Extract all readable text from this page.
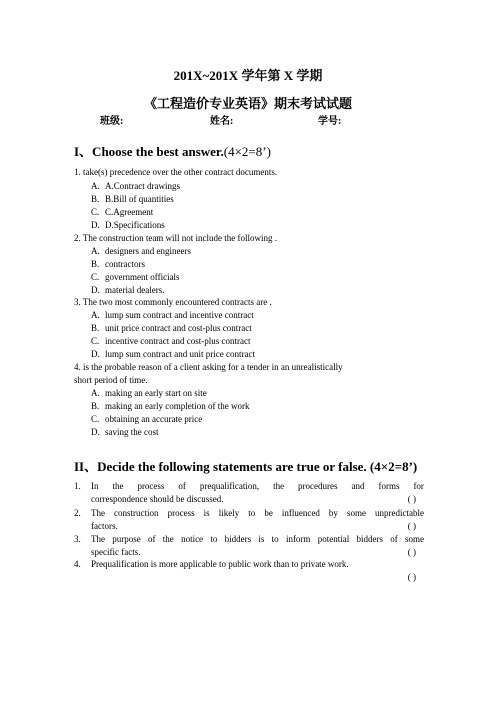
201X~201X 学年第 X 学期
《工程造价专业英语》期末考试试题
班级:	姓名:	学号:
I、Choose the best answer.(4×2=8’)
1. take(s) precedence over the other contract documents.
A. A.Contract drawings
B. B.Bill of quantities
C. C.Agreement
D. D.Specifications
2. The construction team will not include the following .
A. designers and engineers
B. contractors
C. government officials
D. material dealers.
3. The two most commonly encountered contracts are .
A. lump sum contract and incentive contract
B. unit price contract and cost-plus contract
C. incentive contract and cost-plus contract
D. lump sum contract and unit price contract
4. is the probable reason of a client asking for a tender in an unrealistically
short period of time.
A. making an early start on site
B. making an early completion of the work
C. obtaining an accurate price
D. saving the cost
II、Decide the following statements are true or false. (4×2=8’)
1. In the process of prequalification, the procedures and forms for
correspondence should be discussed.	( )
2. The construction process is likely to be influenced by some unpredictable
factors.	( )
3. The purpose of the notice to bidders is to inform potential bidders of some
specific facts.	( )
4. Prequalification is more applicable to public work than to private work.
( )
